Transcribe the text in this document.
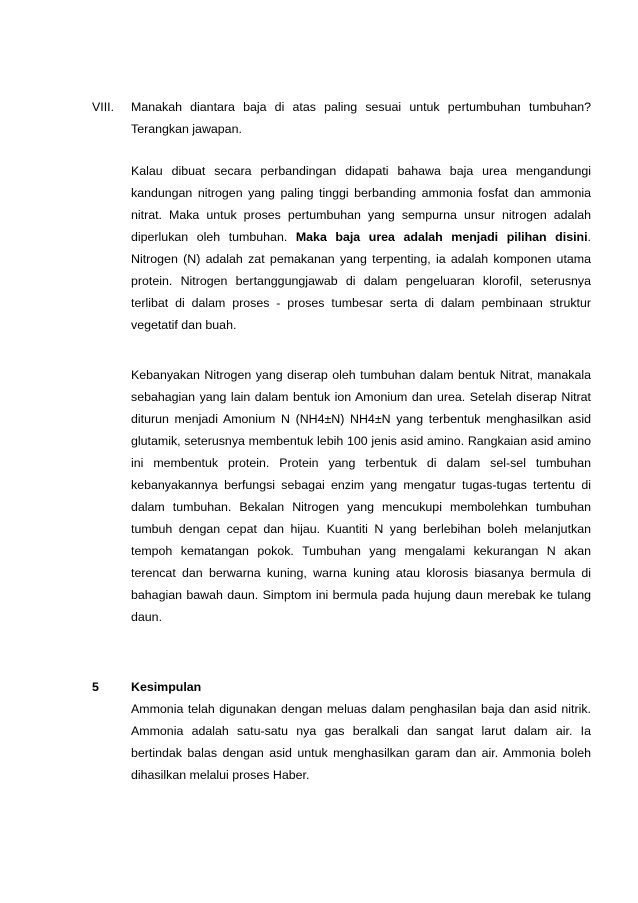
VIII. Manakah diantara baja di atas paling sesuai untuk pertumbuhan tumbuhan? Terangkan jawapan.

Kalau dibuat secara perbandingan didapati bahawa baja urea mengandungi kandungan nitrogen yang paling tinggi berbanding ammonia fosfat dan ammonia nitrat. Maka untuk proses pertumbuhan yang sempurna unsur nitrogen adalah diperlukan oleh tumbuhan. Maka baja urea adalah menjadi pilihan disini. Nitrogen (N) adalah zat pemakanan yang terpenting, ia adalah komponen utama protein. Nitrogen bertanggungjawab di dalam pengeluaran klorofil, seterusnya terlibat di dalam proses - proses tumbesar serta di dalam pembinaan struktur vegetatif dan buah.

Kebanyakan Nitrogen yang diserap oleh tumbuhan dalam bentuk Nitrat, manakala sebahagian yang lain dalam bentuk ion Amonium dan urea. Setelah diserap Nitrat diturun menjadi Amonium N (NH4±N) NH4±N yang terbentuk menghasilkan asid glutamik, seterusnya membentuk lebih 100 jenis asid amino. Rangkaian asid amino ini membentuk protein. Protein yang terbentuk di dalam sel-sel tumbuhan kebanyakannya berfungsi sebagai enzim yang mengatur tugas-tugas tertentu di dalam tumbuhan. Bekalan Nitrogen yang mencukupi membolehkan tumbuhan tumbuh dengan cepat dan hijau. Kuantiti N yang berlebihan boleh melanjutkan tempoh kematangan pokok. Tumbuhan yang mengalami kekurangan N akan terencat dan berwarna kuning, warna kuning atau klorosis biasanya bermula di bahagian bawah daun. Simptom ini bermula pada hujung daun merebak ke tulang daun.

5	Kesimpulan

Ammonia telah digunakan dengan meluas dalam penghasilan baja dan asid nitrik. Ammonia adalah satu-satu nya gas beralkali dan sangat larut dalam air. Ia bertindak balas dengan asid untuk menghasilkan garam dan air. Ammonia boleh dihasilkan melalui proses Haber.
